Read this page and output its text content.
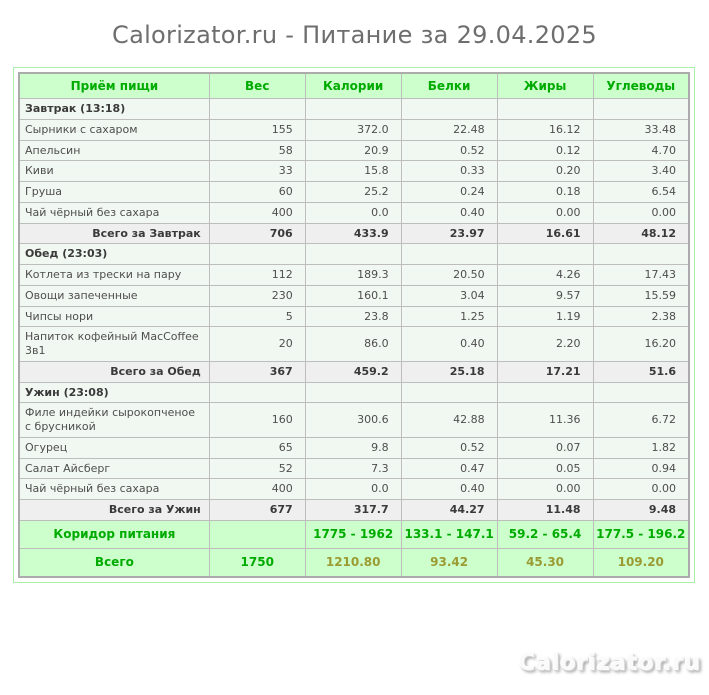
Calorizator.ru - Питание за 29.04.2025
Приём пищи	Вес	Калории	Белки	Жиры	Углеводы
Завтрак (13:18)					
Сырники с сахаром	155	372.0	22.48	16.12	33.48
Апельсин	58	20.9	0.52	0.12	4.70
Киви	33	15.8	0.33	0.20	3.40
Груша	60	25.2	0.24	0.18	6.54
Чай чёрный без сахара	400	0.0	0.40	0.00	0.00
Всего за Завтрак	706	433.9	23.97	16.61	48.12
Обед (23:03)					
Котлета из трески на пару	112	189.3	20.50	4.26	17.43
Овощи запеченные	230	160.1	3.04	9.57	15.59
Чипсы нори	5	23.8	1.25	1.19	2.38
Напиток кофейный MacCoffee 3в1	20	86.0	0.40	2.20	16.20
Всего за Обед	367	459.2	25.18	17.21	51.6
Ужин (23:08)					
Филе индейки сырокопченое с брусникой	160	300.6	42.88	11.36	6.72
Огурец	65	9.8	0.52	0.07	1.82
Салат Айсберг	52	7.3	0.47	0.05	0.94
Чай чёрный без сахара	400	0.0	0.40	0.00	0.00
Всего за Ужин	677	317.7	44.27	11.48	9.48
Коридор питания		1775 - 1962	133.1 - 147.1	59.2 - 65.4	177.5 - 196.2
Всего	1750	1210.80	93.42	45.30	109.20
Calorizator.ru
